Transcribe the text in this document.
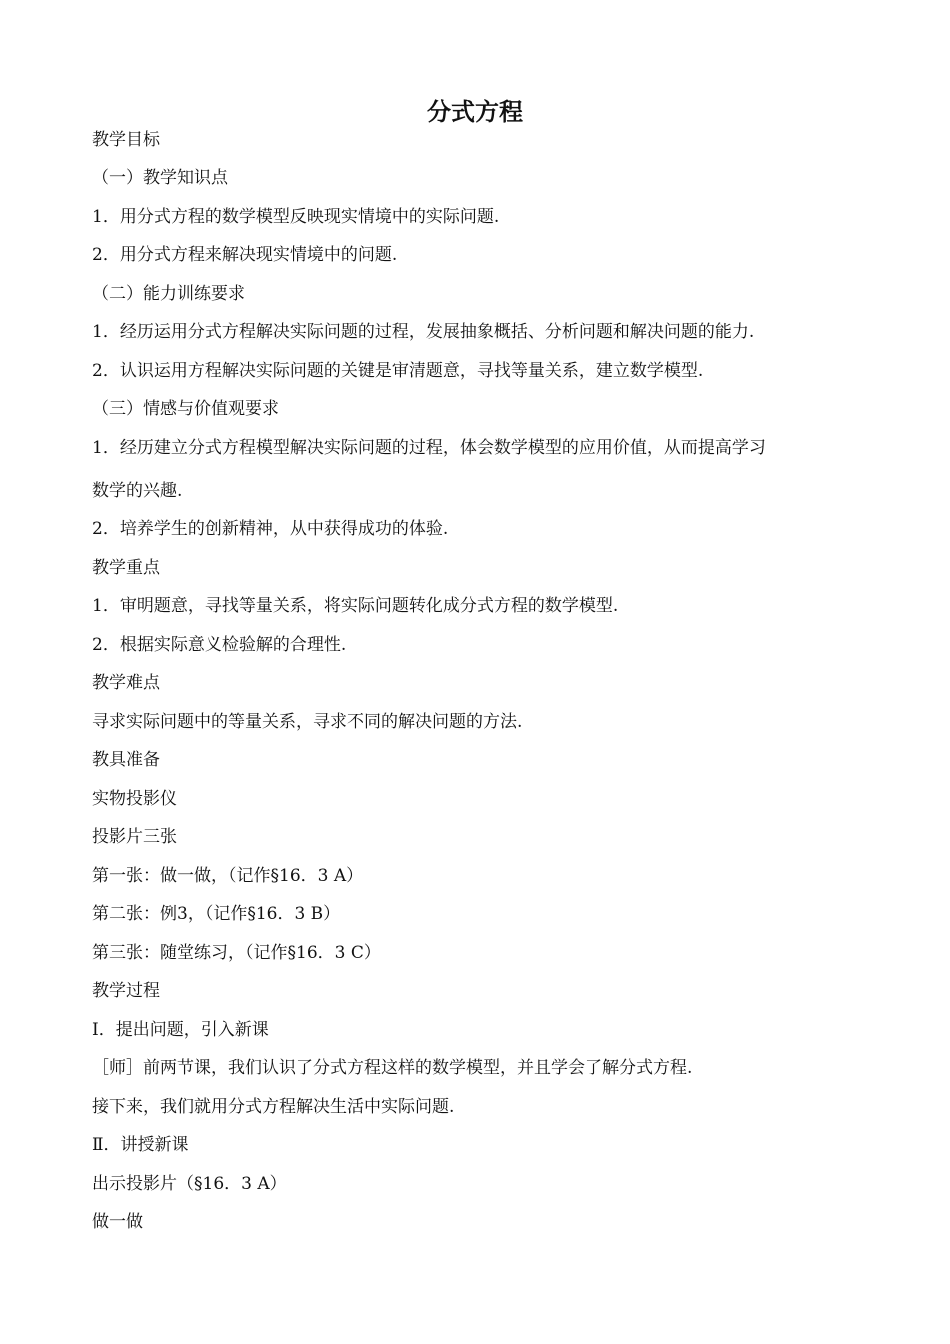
分式方程

教学目标

（一）教学知识点

1．用分式方程的数学模型反映现实情境中的实际问题.

2．用分式方程来解决现实情境中的问题.

（二）能力训练要求

1．经历运用分式方程解决实际问题的过程，发展抽象概括、分析问题和解决问题的能力.

2．认识运用方程解决实际问题的关键是审清题意，寻找等量关系，建立数学模型.

（三）情感与价值观要求

1．经历建立分式方程模型解决实际问题的过程，体会数学模型的应用价值，从而提高学习

数学的兴趣.

2．培养学生的创新精神，从中获得成功的体验.

教学重点

1．审明题意，寻找等量关系，将实际问题转化成分式方程的数学模型.

2．根据实际意义检验解的合理性.

教学难点

寻求实际问题中的等量关系，寻求不同的解决问题的方法.

教具准备

实物投影仪

投影片三张

第一张：做一做，（记作§16．3 A）

第二张：例3，（记作§16．3 B）

第三张：随堂练习，（记作§16．3 C）

教学过程

Ⅰ．提出问题，引入新课

［师］前两节课，我们认识了分式方程这样的数学模型，并且学会了解分式方程.

接下来，我们就用分式方程解决生活中实际问题.

Ⅱ．讲授新课

出示投影片（§16．3 A）

做一做
